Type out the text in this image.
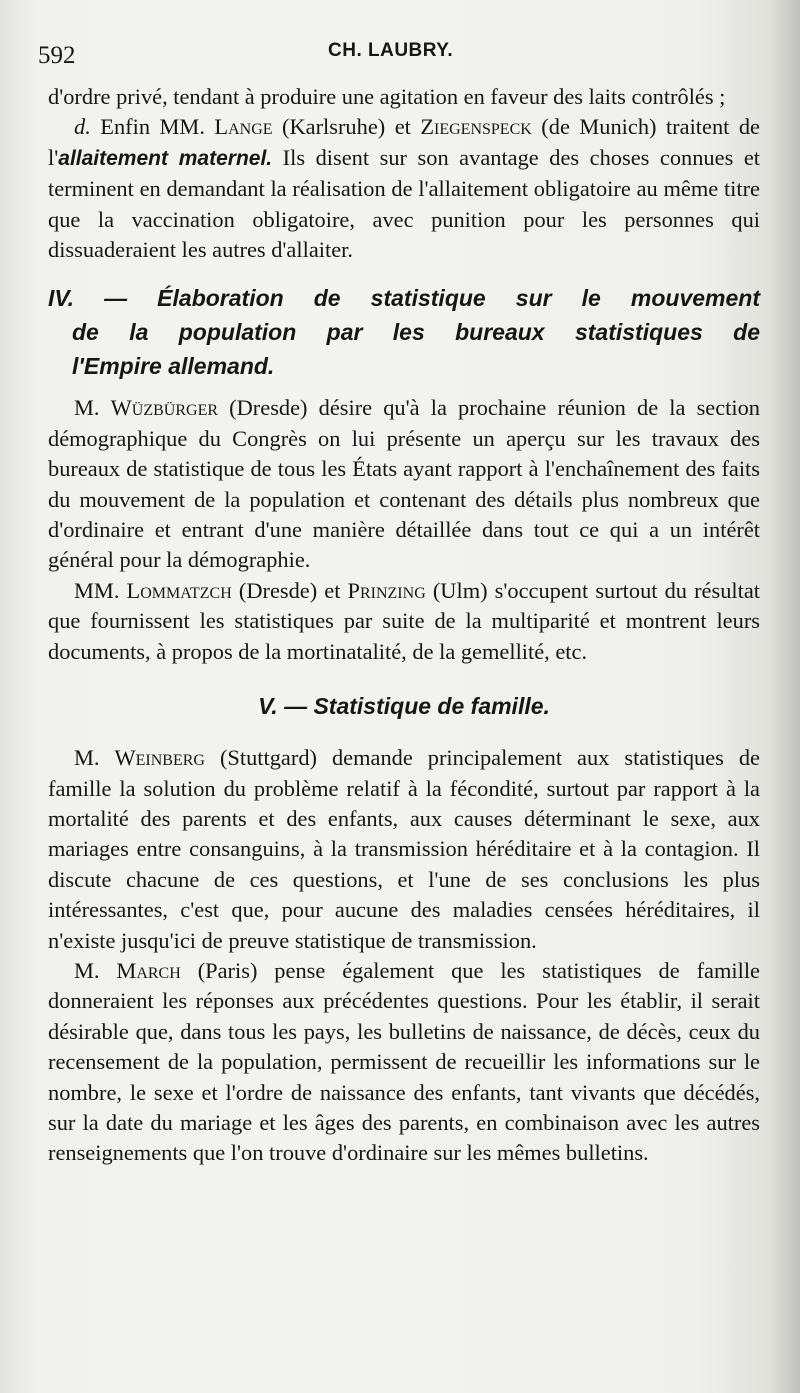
592	CH. LAUBRY.

d'ordre privé, tendant à produire une agitation en faveur des laits contrôlés ;

d. Enfin MM. Lange (Karlsruhe) et Ziegenspeck (de Munich) traitent de l'allaitement maternel. Ils disent sur son avantage des choses connues et terminent en demandant la réalisation de l'allaitement obligatoire au même titre que la vaccination obligatoire, avec punition pour les personnes qui dissuaderaient les autres d'allaiter.

IV. — Élaboration de statistique sur le mouvement
de la population par les bureaux statistiques de
l'Empire allemand.

M. Wüzbürger (Dresde) désire qu'à la prochaine réunion de la section démographique du Congrès on lui présente un aperçu sur les travaux des bureaux de statistique de tous les États ayant rapport à l'enchaînement des faits du mouvement de la population et contenant des détails plus nombreux que d'ordinaire et entrant d'une manière détaillée dans tout ce qui a un intérêt général pour la démographie.

MM. Lommatzch (Dresde) et Prinzing (Ulm) s'occupent surtout du résultat que fournissent les statistiques par suite de la multiparité et montrent leurs documents, à propos de la mortinatalité, de la gemellité, etc.

V. — Statistique de famille.

M. Weinberg (Stuttgard) demande principalement aux statistiques de famille la solution du problème relatif à la fécondité, surtout par rapport à la mortalité des parents et des enfants, aux causes déterminant le sexe, aux mariages entre consanguins, à la transmission héréditaire et à la contagion. Il discute chacune de ces questions, et l'une de ses conclusions les plus intéressantes, c'est que, pour aucune des maladies censées héréditaires, il n'existe jusqu'ici de preuve statistique de transmission.

M. March (Paris) pense également que les statistiques de famille donneraient les réponses aux précédentes questions. Pour les établir, il serait désirable que, dans tous les pays, les bulletins de naissance, de décès, ceux du recensement de la population, permissent de recueillir les informations sur le nombre, le sexe et l'ordre de naissance des enfants, tant vivants que décédés, sur la date du mariage et les âges des parents, en combinaison avec les autres renseignements que l'on trouve d'ordinaire sur les mêmes bulletins.
